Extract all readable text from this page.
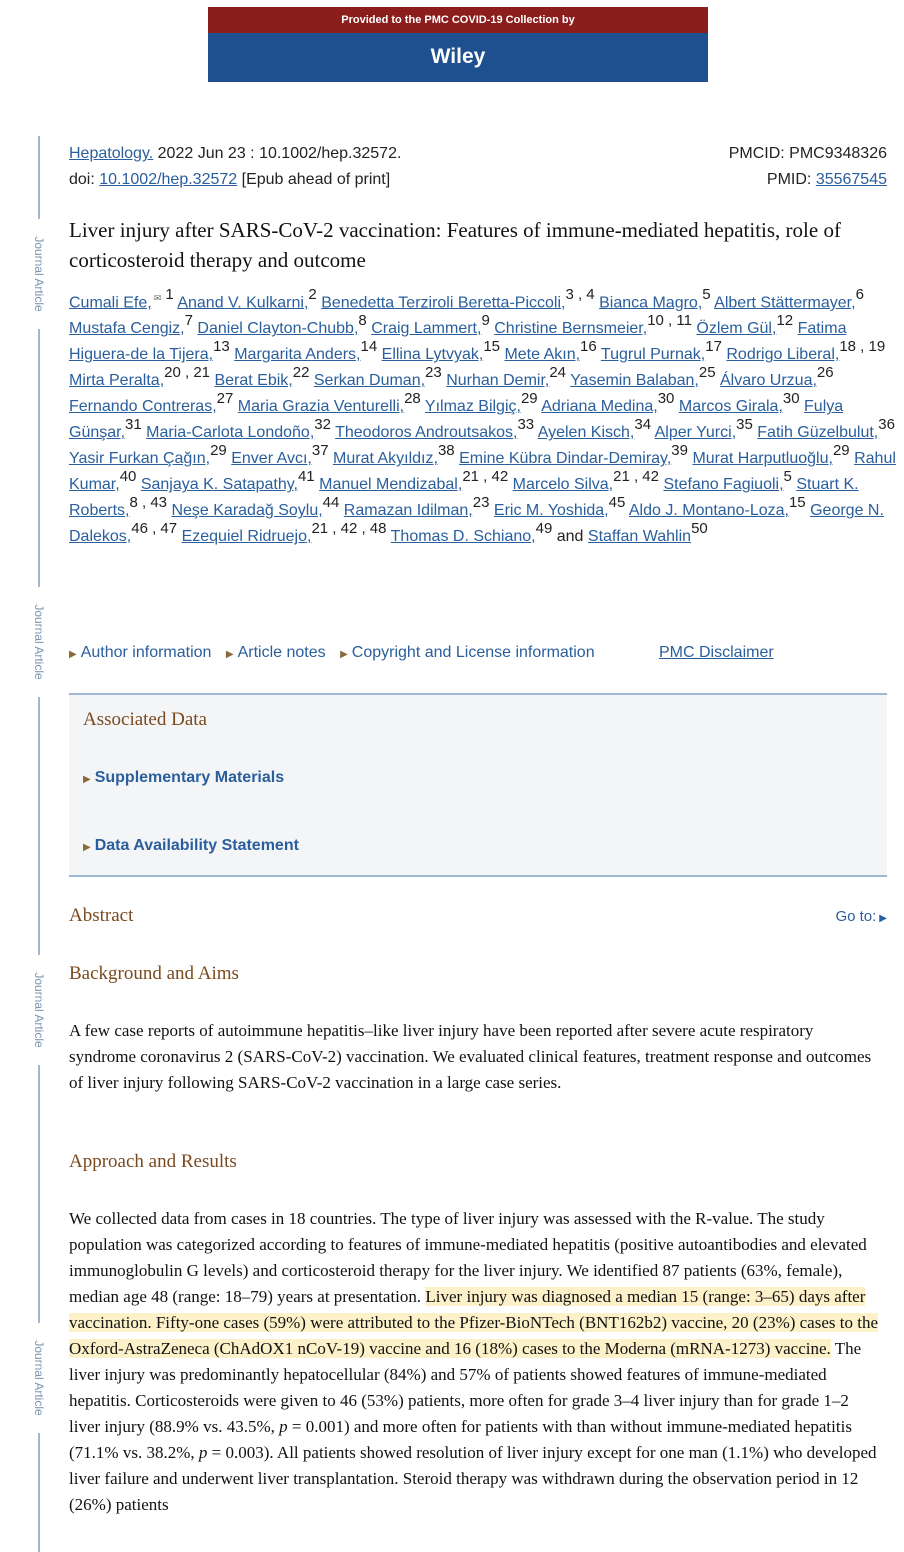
Provided to the PMC COVID-19 Collection by
Wiley
Journal Article
Journal Article
Journal Article
Journal Article
Hepatology. 2022 Jun 23 : 10.1002/hep.32572.
doi: 10.1002/hep.32572 [Epub ahead of print]
PMCID: PMC9348326
PMID: 35567545
Liver injury after SARS-CoV-2 vaccination: Features of immune-mediated hepatitis, role of corticosteroid therapy and outcome
Cumali Efe, ✉ $^1$ Anand V. Kulkarni,$^2$ Benedetta Terziroli Beretta-Piccoli,$^{3 , 4}$ Bianca Magro,$^5$ Albert Stättermayer,$^6$ Mustafa Cengiz,$^7$ Daniel Clayton-Chubb,$^8$ Craig Lammert,$^9$ Christine Bernsmeier,$^{10 , 11}$ Özlem Gül,$^{12}$ Fatima Higuera-de la Tijera,$^{13}$ Margarita Anders,$^{14}$ Ellina Lytvyak,$^{15}$ Mete Akın,$^{16}$ Tugrul Purnak,$^{17}$ Rodrigo Liberal,$^{18 , 19}$ Mirta Peralta,$^{20 , 21}$ Berat Ebik,$^{22}$ Serkan Duman,$^{23}$ Nurhan Demir,$^{24}$ Yasemin Balaban,$^{25}$ Álvaro Urzua,$^{26}$ Fernando Contreras,$^{27}$ Maria Grazia Venturelli,$^{28}$ Yılmaz Bilgiç,$^{29}$ Adriana Medina,$^{30}$ Marcos Girala,$^{30}$ Fulya Günşar,$^{31}$ Maria-Carlota Londoño,$^{32}$ Theodoros Androutsakos,$^{33}$ Ayelen Kisch,$^{34}$ Alper Yurci,$^{35}$ Fatih Güzelbulut,$^{36}$ Yasir Furkan Çağın,$^{29}$ Enver Avcı,$^{37}$ Murat Akyıldız,$^{38}$ Emine Kübra Dindar-Demiray,$^{39}$ Murat Harputluoğlu,$^{29}$ Rahul Kumar,$^{40}$ Sanjaya K. Satapathy,$^{41}$ Manuel Mendizabal,$^{21 , 42}$ Marcelo Silva,$^{21 , 42}$ Stefano Fagiuoli,$^5$ Stuart K. Roberts,$^{8 , 43}$ Neşe Karadağ Soylu,$^{44}$ Ramazan Idilman,$^{23}$ Eric M. Yoshida,$^{45}$ Aldo J. Montano-Loza,$^{15}$ George N. Dalekos,$^{46 , 47}$ Ezequiel Ridruejo,$^{21 , 42 , 48}$ Thomas D. Schiano,$^{49}$ and Staffan Wahlin$^{50}$
▶ Author information ▶ Article notes ▶ Copyright and License information	PMC Disclaimer
Associated Data
▶ Supplementary Materials
▶ Data Availability Statement
Abstract	Go to: ▶
Background and Aims

A few case reports of autoimmune hepatitis–like liver injury have been reported after severe acute respiratory syndrome coronavirus 2 (SARS-CoV-2) vaccination. We evaluated clinical features, treatment response and outcomes of liver injury following SARS-CoV-2 vaccination in a large case series.

Approach and Results

We collected data from cases in 18 countries. The type of liver injury was assessed with the R-value. The study population was categorized according to features of immune-mediated hepatitis (positive autoantibodies and elevated immunoglobulin G levels) and corticosteroid therapy for the liver injury. We identified 87 patients (63%, female), median age 48 (range: 18–79) years at presentation. Liver injury was diagnosed a median 15 (range: 3–65) days after vaccination. Fifty-one cases (59%) were attributed to the Pfizer-BioNTech (BNT162b2) vaccine, 20 (23%) cases to the Oxford-AstraZeneca (ChAdOX1 nCoV-19) vaccine and 16 (18%) cases to the Moderna (mRNA-1273) vaccine. The liver injury was predominantly hepatocellular (84%) and 57% of patients showed features of immune-mediated hepatitis. Corticosteroids were given to 46 (53%) patients, more often for grade 3–4 liver injury than for grade 1–2 liver injury (88.9% vs. 43.5%, p = 0.001) and more often for patients with than without immune-mediated hepatitis (71.1% vs. 38.2%, p = 0.003). All patients showed resolution of liver injury except for one man (1.1%) who developed liver failure and underwent liver transplantation. Steroid therapy was withdrawn during the observation period in 12 (26%) patients
